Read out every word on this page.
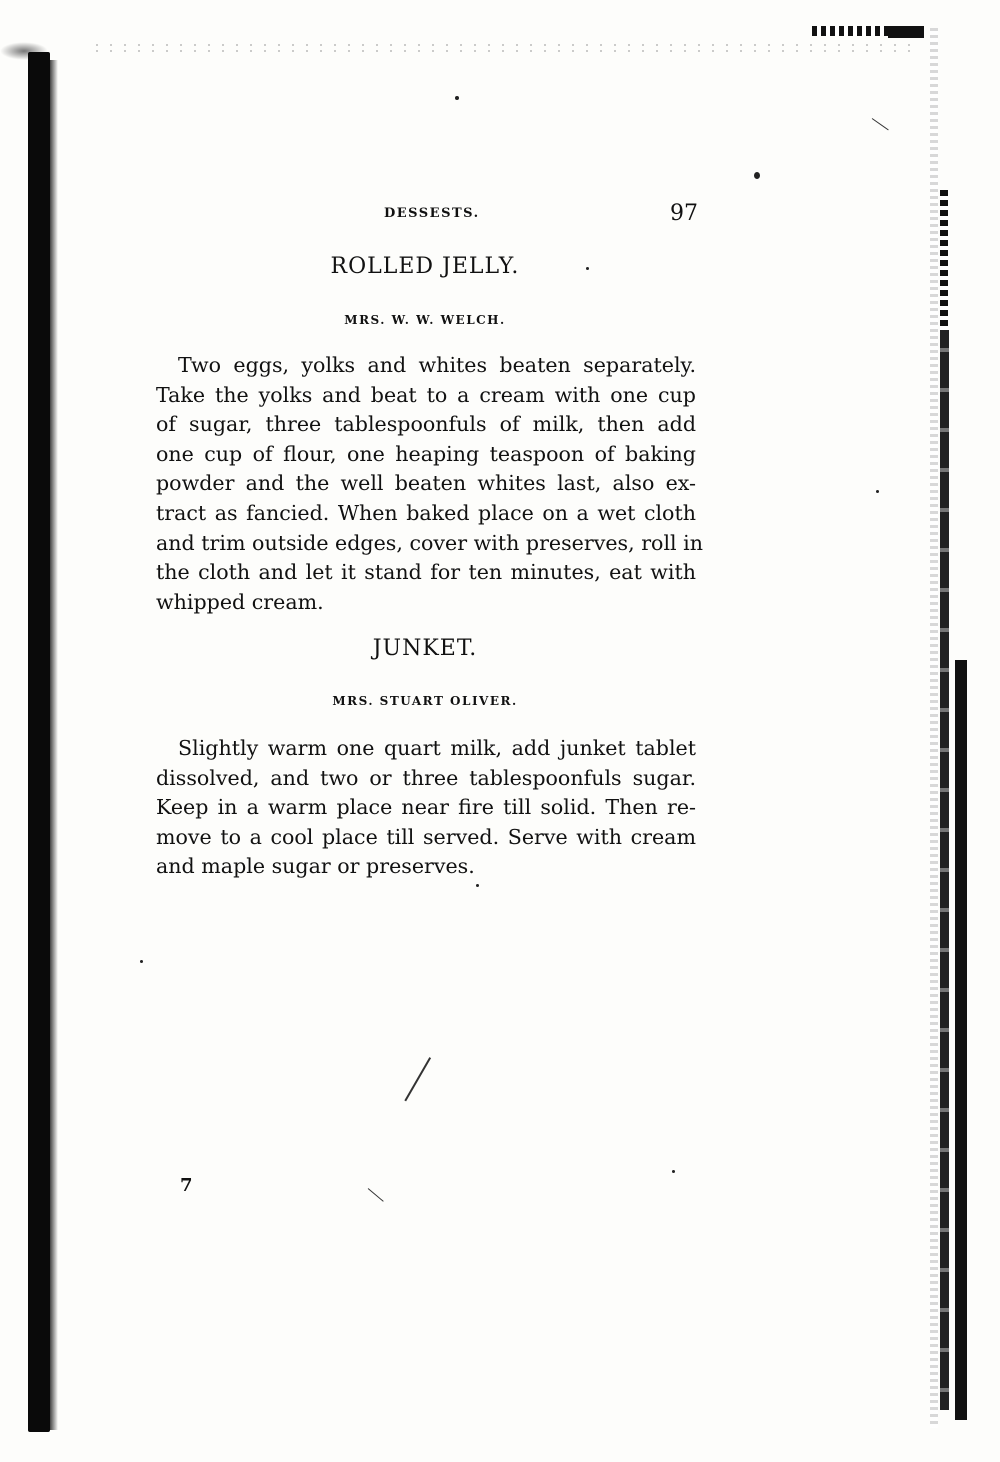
DESSESTS.	97
ROLLED JELLY.
MRS. W. W. WELCH.

Two eggs, yolks and whites beaten separately.
Take the yolks and beat to a cream with one cup
of sugar, three tablespoonfuls of milk, then add
one cup of flour, one heaping teaspoon of baking
powder and the well beaten whites last, also ex-
tract as fancied. When baked place on a wet cloth
and trim outside edges, cover with preserves, roll in
the cloth and let it stand for ten minutes, eat with
whipped cream.

JUNKET.
MRS. STUART OLIVER.

Slightly warm one quart milk, add junket tablet
dissolved, and two or three tablespoonfuls sugar.
Keep in a warm place near fire till solid. Then re-
move to a cool place till served. Serve with cream
and maple sugar or preserves.

7
